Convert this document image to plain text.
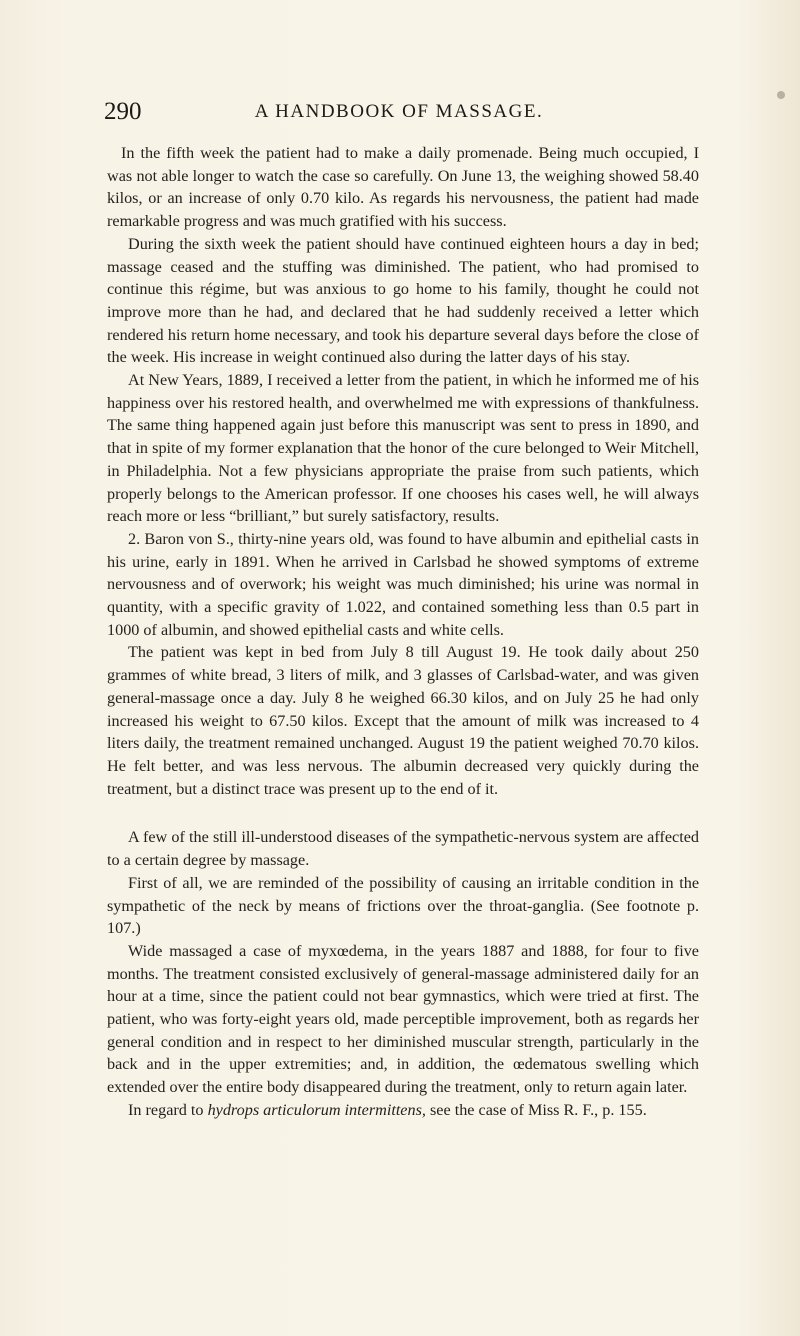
290	A HANDBOOK OF MASSAGE.

In the fifth week the patient had to make a daily promenade. Being much occupied, I was not able longer to watch the case so carefully. On June 13, the weighing showed 58.40 kilos, or an increase of only 0.70 kilo. As regards his nervousness, the patient had made remarkable progress and was much gratified with his success.

During the sixth week the patient should have continued eighteen hours a day in bed; massage ceased and the stuffing was diminished. The patient, who had promised to continue this régime, but was anxious to go home to his family, thought he could not improve more than he had, and declared that he had suddenly received a letter which rendered his return home necessary, and took his departure several days before the close of the week. His increase in weight continued also during the latter days of his stay.

At New Years, 1889, I received a letter from the patient, in which he informed me of his happiness over his restored health, and overwhelmed me with expressions of thankfulness. The same thing happened again just before this manuscript was sent to press in 1890, and that in spite of my former explanation that the honor of the cure belonged to Weir Mitchell, in Philadelphia. Not a few physicians appropriate the praise from such patients, which properly belongs to the American professor. If one chooses his cases well, he will always reach more or less “brilliant,” but surely satisfactory, results.

2. Baron von S., thirty-nine years old, was found to have albumin and epithelial casts in his urine, early in 1891. When he arrived in Carlsbad he showed symptoms of extreme nervousness and of overwork; his weight was much diminished; his urine was normal in quantity, with a specific gravity of 1.022, and contained something less than 0.5 part in 1000 of albumin, and showed epithelial casts and white cells.

The patient was kept in bed from July 8 till August 19. He took daily about 250 grammes of white bread, 3 liters of milk, and 3 glasses of Carlsbad-water, and was given general-massage once a day. July 8 he weighed 66.30 kilos, and on July 25 he had only increased his weight to 67.50 kilos. Except that the amount of milk was increased to 4 liters daily, the treatment remained unchanged. August 19 the patient weighed 70.70 kilos. He felt better, and was less nervous. The albumin decreased very quickly during the treatment, but a distinct trace was present up to the end of it.

A few of the still ill-understood diseases of the sympathetic-nervous system are affected to a certain degree by massage.

First of all, we are reminded of the possibility of causing an irritable condition in the sympathetic of the neck by means of frictions over the throat-ganglia. (See footnote p. 107.)

Wide massaged a case of myxœdema, in the years 1887 and 1888, for four to five months. The treatment consisted exclusively of general-massage administered daily for an hour at a time, since the patient could not bear gymnastics, which were tried at first. The patient, who was forty-eight years old, made perceptible improvement, both as regards her general condition and in respect to her diminished muscular strength, particularly in the back and in the upper extremities; and, in addition, the œdematous swelling which extended over the entire body disappeared during the treatment, only to return again later.

In regard to hydrops articulorum intermittens, see the case of Miss R. F., p. 155.
